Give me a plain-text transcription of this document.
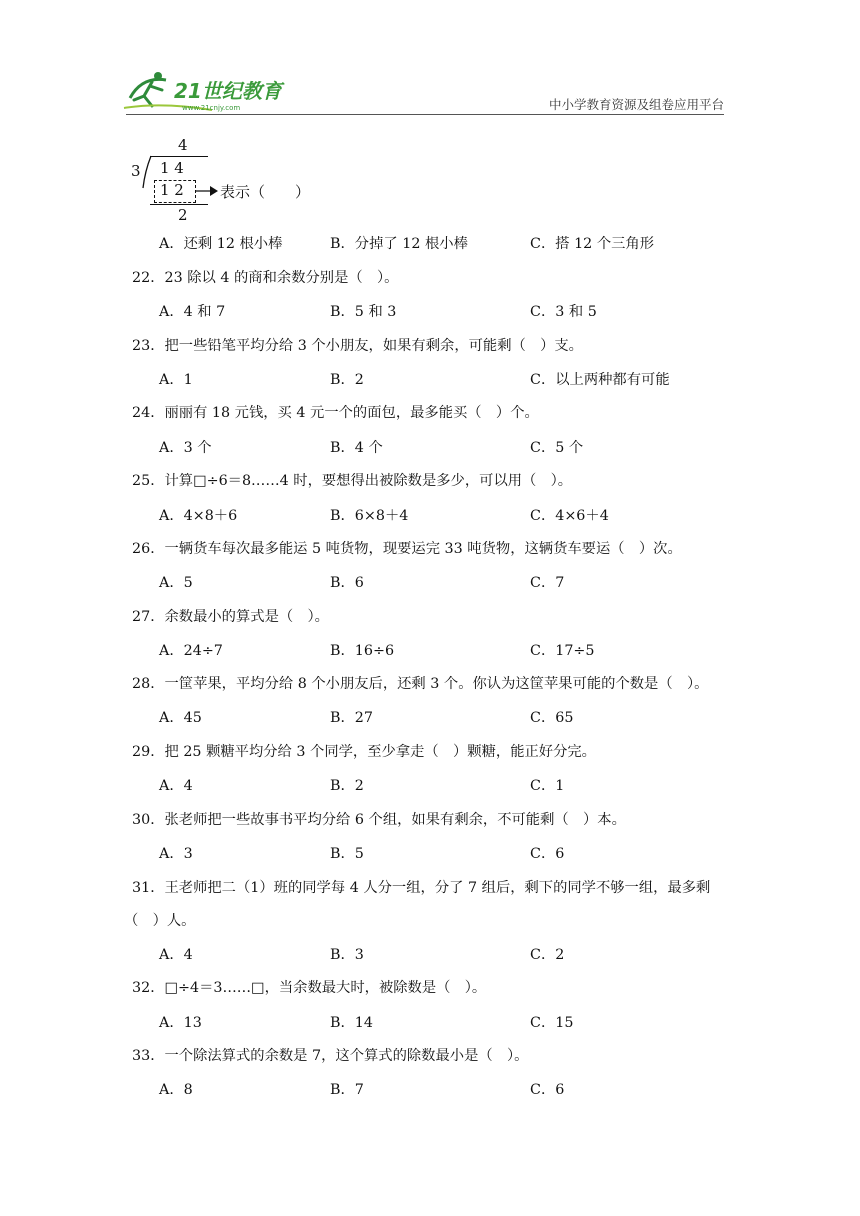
21世纪教育
www.21cnjy.com	中小学教育资源及组卷应用平台
4
3 1 4
1 2 表示（　　）
2
A．还剩 12 根小棒	B．分掉了 12 根小棒	C．搭 12 个三角形
22．23 除以 4 的商和余数分别是（　）。
A．4 和 7	B．5 和 3	C．3 和 5
23．把一些铅笔平均分给 3 个小朋友，如果有剩余，可能剩（　）支。
A．1	B．2	C．以上两种都有可能
24．丽丽有 18 元钱，买 4 元一个的面包，最多能买（　）个。
A．3 个	B．4 个	C．5 个
25．计算□÷6＝8……4 时，要想得出被除数是多少，可以用（　）。
A．4×8＋6	B．6×8＋4	C．4×6＋4
26．一辆货车每次最多能运 5 吨货物，现要运完 33 吨货物，这辆货车要运（　）次。
A．5	B．6	C．7
27．余数最小的算式是（　）。
A．24÷7	B．16÷6	C．17÷5
28．一筐苹果，平均分给 8 个小朋友后，还剩 3 个。你认为这筐苹果可能的个数是（　）。
A．45	B．27	C．65
29．把 25 颗糖平均分给 3 个同学，至少拿走（　）颗糖，能正好分完。
A．4	B．2	C．1
30．张老师把一些故事书平均分给 6 个组，如果有剩余，不可能剩（　）本。
A．3	B．5	C．6
31．王老师把二（1）班的同学每 4 人分一组，分了 7 组后，剩下的同学不够一组，最多剩
（　）人。
A．4	B．3	C．2
32．□÷4＝3……□，当余数最大时，被除数是（　）。
A．13	B．14	C．15
33．一个除法算式的余数是 7，这个算式的除数最小是（　）。
A．8	B．7	C．6
